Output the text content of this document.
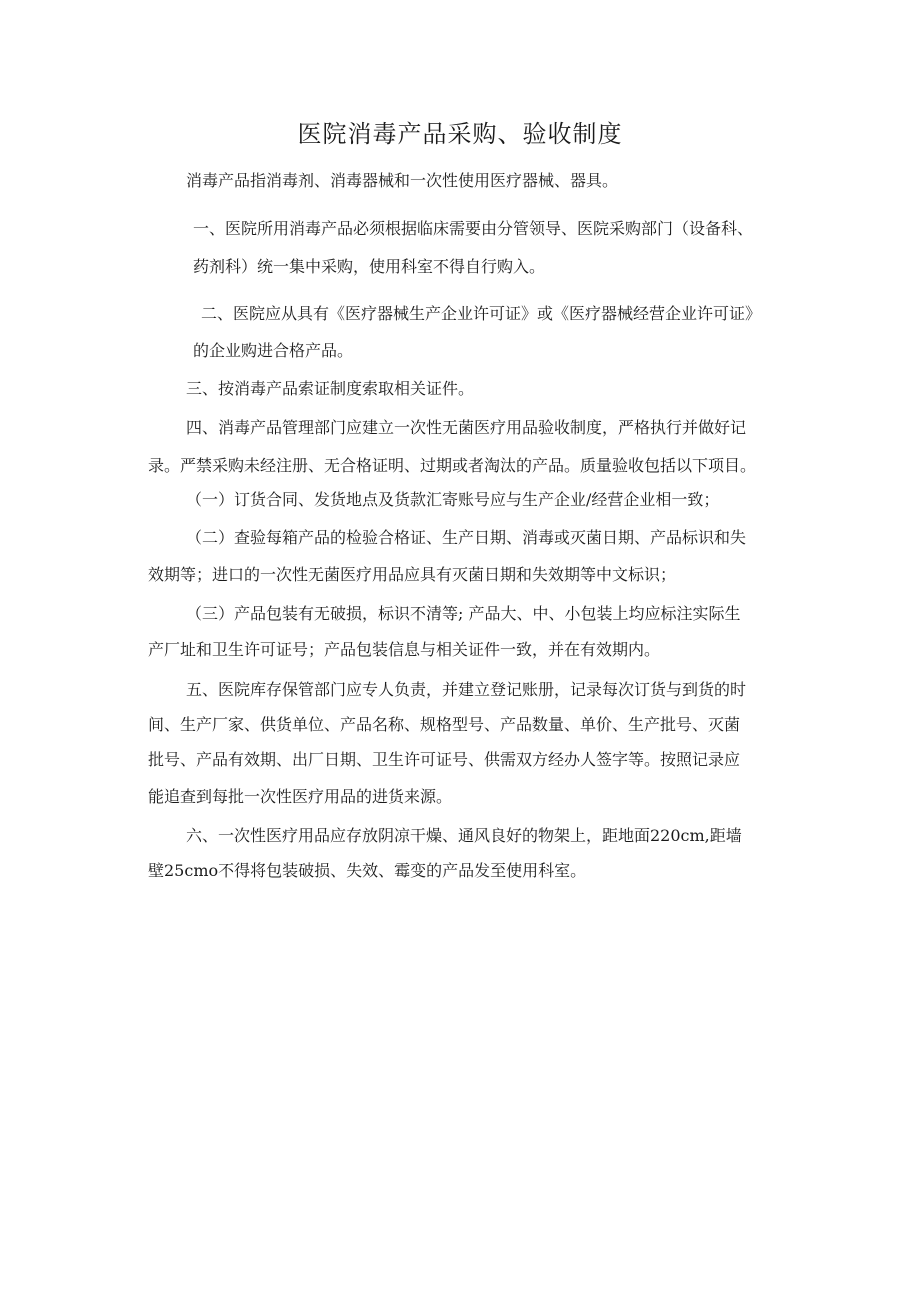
医院消毒产品采购、验收制度
消毒产品指消毒剂、消毒器械和一次性使用医疗器械、器具。
一、医院所用消毒产品必须根据临床需要由分管领导、医院采购部门（设备科、
药剂科）统一集中采购，使用科室不得自行购入。
二、医院应从具有《医疗器械生产企业许可证》或《医疗器械经营企业许可证》
的企业购进合格产品。
三、按消毒产品索证制度索取相关证件。
四、消毒产品管理部门应建立一次性无菌医疗用品验收制度，严格执行并做好记
录。严禁采购未经注册、无合格证明、过期或者淘汰的产品。质量验收包括以下项目。
（一）订货合同、发货地点及货款汇寄账号应与生产企业/经营企业相一致；
（二）查验每箱产品的检验合格证、生产日期、消毒或灭菌日期、产品标识和失
效期等；进口的一次性无菌医疗用品应具有灭菌日期和失效期等中文标识；
（三）产品包装有无破损，标识不清等; 产品大、中、小包装上均应标注实际生
产厂址和卫生许可证号；产品包装信息与相关证件一致，并在有效期内。
五、医院库存保管部门应专人负责，并建立登记账册，记录每次订货与到货的时
间、生产厂家、供货单位、产品名称、规格型号、产品数量、单价、生产批号、灭菌
批号、产品有效期、出厂日期、卫生许可证号、供需双方经办人签字等。按照记录应
能追查到每批一次性医疗用品的进货来源。
六、一次性医疗用品应存放阴凉干燥、通风良好的物架上，距地面220cm,距墙
壁25cmo不得将包装破损、失效、霉变的产品发至使用科室。
